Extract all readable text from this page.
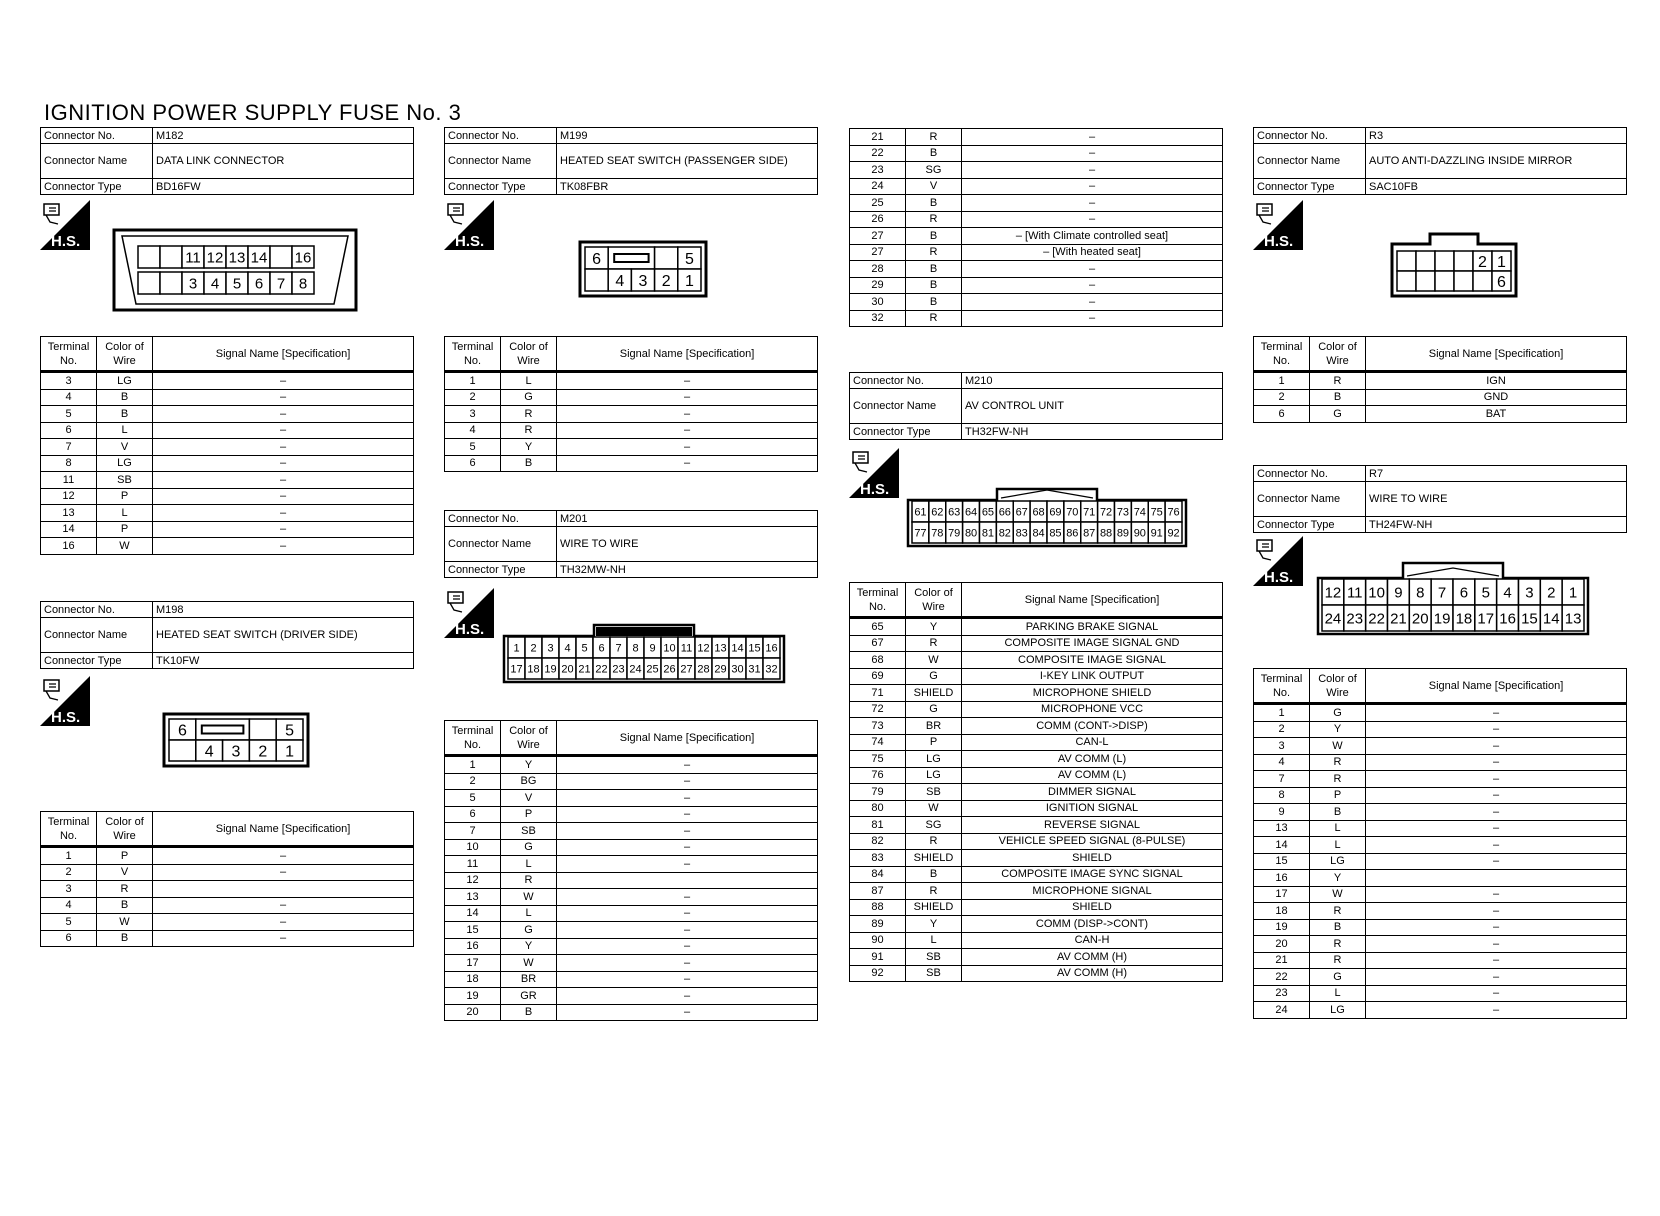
IGNITION POWER SUPPLY FUSE No. 3
Connector No.	M182
Connector Name	DATA LINK CONNECTOR
Connector Type	BD16FW
H.S.
11 12 13 14 16
3 4 5 6 7 8
Terminal No.	Color of Wire	Signal Name [Specification]
3	LG	–
4	B	–
5	B	–
6	L	–
7	V	–
8	LG	–
11	SB	–
12	P	–
13	L	–
14	P	–
16	W	–
Connector No.	M198
Connector Name	HEATED SEAT SWITCH (DRIVER SIDE)
Connector Type	TK10FW
H.S.
6	5
4 3 2 1
Terminal No.	Color of Wire	Signal Name [Specification]
1	P	–
2	V	–
3	R	
4	B	–
5	W	–
6	B	–
Connector No.	M199
Connector Name	HEATED SEAT SWITCH (PASSENGER SIDE)
Connector Type	TK08FBR
H.S.
6	5
4 3 2 1
Terminal No.	Color of Wire	Signal Name [Specification]
1	L	–
2	G	–
3	R	–
4	R	–
5	Y	–
6	B	–
Connector No.	M201
Connector Name	WIRE TO WIRE
Connector Type	TH32MW-NH
H.S.
1 2 3 4 5 6 7 8 9 10 11 12 13 14 15 16
17 18 19 20 21 22 23 24 25 26 27 28 29 30 31 32
Terminal No.	Color of Wire	Signal Name [Specification]
1	Y	–
2	BG	–
5	V	–
6	P	–
7	SB	–
10	G	–
11	L	–
12	R	
13	W	–
14	L	–
15	G	–
16	Y	–
17	W	–
18	BR	–
19	GR	–
20	B	–
21	R	–
22	B	–
23	SG	–
24	V	–
25	B	–
26	R	–
27	B	– [With Climate controlled seat]
27	R	– [With heated seat]
28	B	–
29	B	–
30	B	–
32	R	–
Connector No.	M210
Connector Name	AV CONTROL UNIT
Connector Type	TH32FW-NH
H.S.
61 62 63 64 65 66 67 68 69 70 71 72 73 74 75 76
77 78 79 80 81 82 83 84 85 86 87 88 89 90 91 92
Terminal No.	Color of Wire	Signal Name [Specification]
65	Y	PARKING BRAKE SIGNAL
67	R	COMPOSITE IMAGE SIGNAL GND
68	W	COMPOSITE IMAGE SIGNAL
69	G	I-KEY LINK OUTPUT
71	SHIELD	MICROPHONE SHIELD
72	G	MICROPHONE VCC
73	BR	COMM (CONT->DISP)
74	P	CAN-L
75	LG	AV COMM (L)
76	LG	AV COMM (L)
79	SB	DIMMER SIGNAL
80	W	IGNITION SIGNAL
81	SG	REVERSE SIGNAL
82	R	VEHICLE SPEED SIGNAL (8-PULSE)
83	SHIELD	SHIELD
84	B	COMPOSITE IMAGE SYNC SIGNAL
87	R	MICROPHONE SIGNAL
88	SHIELD	SHIELD
89	Y	COMM (DISP->CONT)
90	L	CAN-H
91	SB	AV COMM (H)
92	SB	AV COMM (H)
Connector No.	R3
Connector Name	AUTO ANTI-DAZZLING INSIDE MIRROR
Connector Type	SAC10FB
H.S.
2 1
6
Terminal No.	Color of Wire	Signal Name [Specification]
1	R	IGN
2	B	GND
6	G	BAT
Connector No.	R7
Connector Name	WIRE TO WIRE
Connector Type	TH24FW-NH
H.S.
12 11 10 9 8 7 6 5 4 3 2 1
24 23 22 21 20 19 18 17 16 15 14 13
Terminal No.	Color of Wire	Signal Name [Specification]
1	G	–
2	Y	–
3	W	–
4	R	–
7	R	–
8	P	–
9	B	–
13	L	–
14	L	–
15	LG	–
16	Y	
17	W	–
18	R	–
19	B	–
20	R	–
21	R	–
22	G	–
23	L	–
24	LG	–
